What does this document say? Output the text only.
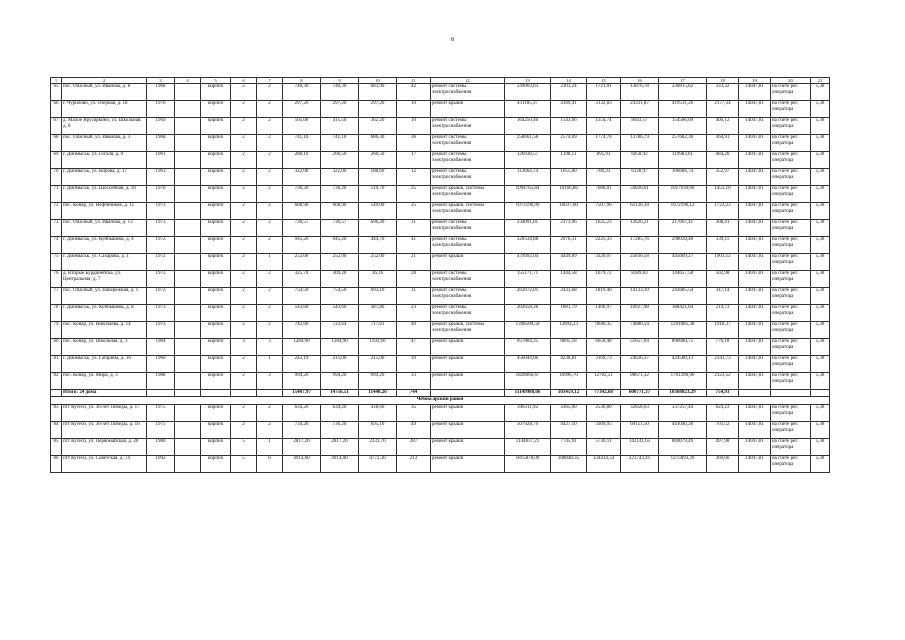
8
1	2	3	4	5	6	7	8	9	10	11	12	13	14	15	16	17	18	19	20	21
65	пос. Опасный, ул. Иванова, д. 8	1968		кирпич	2	2	746,30	746,30	683,90	42	ремонт системы электроснабжения	249003,63	2303,24	1721,01	13876,78	230815,62	333,32	14047,81	на счете рег. оператора	5,38
66	г. Чурилово, ул. Озерная, д. 18	1976		кирпич	2	2	297,20	297,20	297,20	10	ремонт крыши	431185,37	4189,41	3132,83	24331,87	419531,26	2177,34	14047,81	на счете рег. оператора	5,38
67	д. Малое Ярусяркино, ул. Школьная, д. 8	1969		кирпич	2	2	505,00	415,50	362,20	10	ремонт системы электроснабжения	164250,46	1543,66	1154,74	8943,57	154586,09	406,12	14047,81	на счете рег. оператора	5,38
68	пос. Опасный, ул. Иванова, д. 3	1968		кирпич	2	2	741,10	741,10	686,30	36	ремонт системы электроснабжения	258661,58	2574,09	1774,70	13786,79	257682,36	364,91	14047,81	на счете рег. оператора	5,38
69	г. Динмыськ, ул. Гоголя, д. 9	1961		кирпич	2	2	288,10	266,50	266,50	17	ремонт системы электроснабжения	126938,57	1198,11	895,93	6958,92	119983,61	484,20	14047,81	на счете рег. оператора	5,38
70	г. Динмыськ, ул. Кирова, д. 17	1963		кирпич	2	2	322,00	322,00	188,60	12	ремонт системы электроснабжения	113664,74	1055,80	789,23	6128,97	106686,74	352,97	14047,81	на счете рег. оператора	5,38
71	г. Динмыськ, ул. Шоссейная, д. 10	1970		кирпич	2	2	736,20	736,20	519,70	25	ремонт крыши, системы электроснабжения	1094765,84	10166,86	7606,01	59026,61	1017939,60	1453,10	14047,81	на счете рег. оператора	5,38
72	пос. Конар, ул. Нефтяников, д. 11	1973		кирпич	2	2	668,90	668,90	549,00	25	ремонт крыши, системы электроснабжения	1072196,99	10037,60	7507,96	62126,18	1072196,12	1722,23	14047,81	на счете рег. оператора	5,38
73	пос. Опасный, ул. Иванова, д. 13	1973		кирпич	2	2	736,57	736,57	696,20	31	ремонт системы электроснабжения	234091,81	2173,96	1625,23	12626,21	217667,41	308,41	14047,81	на счете рег. оператора	5,38
74	г. Динмыськ, ул. Куйбышева, д. 4	1972		кирпич	2	2	945,20	945,20	444,70	41	ремонт системы электроснабжения	320534,88	2976,31	2225,33	17285,76	298039,48	339,11	14047,81	на счете рег. оператора	5,38
75	г. Динмыськ, ул. Сахарова, д. 1	1972		кирпич	2	1	252,00	252,00	252,00	21	ремонт крыши	479992,04	4449,89	3326,07	25836,58	445609,27	1903,12	14047,81	на счете рег. оператора	5,38
76	д. Вторые Бурдинейска, ул. Центральная, д. 7	1972		кирпич	2	2	325,70	309,20	36,16	28	ремонт системы электроснабжения	155171,71	1444,58	1079,72	8389,83	144657,58	502,98	14047,81	на счете рег. оператора	5,38
77	пос. Опасный, ул. Набережная, д. 1	1972		кирпич	2	2	754,50	754,50	693,10	31	ремонт системы электроснабжения	262072,01	2433,68	1819,40	14133,39	243685,54	347,14	14047,81	на счете рег. оператора	5,38
78	г. Динмыськ, ул. Куйбышева, д. 8	1973		кирпич	2	2	543,60	543,60	387,86	23	ремонт системы электроснабжения	202658,28	1881,79	1406,97	10927,98	188421,64	214,73	14047,81	на счете рег. оператора	5,38
79	пос. Конар, ул. Николаева, д. 14	1973		кирпич	2	2	742,60	723,64	717,61	40	ремонт крыши, системы электроснабжения	1398500,50	12894,23	9640,35	74880,54	1291085,38	1918,37	14047,81	на счете рег. оператора	5,38
80	пос. Конар, ул. Школьная, д. 3	1984		кирпич	3	3	1284,90	1284,90	1192,60	47	ремонт крыши	957884,35	8895,18	6650,48	51657,94	890680,75	776,18	14047,81	на счете рег. оператора	5,38
81	г. Динмыськ, ул. Гагарина, д. 16	1960		кирпич	2	1	242,19	215,00	215,00	19	ремонт крыши	456044,06	4238,81	3169,73	24626,37	424580,13	2143,73	14047,81	на счете рег. оператора	5,38
82	пос. Конар, ул. Мира, д. 3	1988		кирпич	2	3	994,20	994,20	994,20	33	ремонт крыши	1828066,67	16996,70	12702,51	98671,32	1701390,96	2123,52	14047,81	на счете рег. оператора	5,38
	Итого: 24 дома						15407,97	14756,51	11440,26	744		11149988,06	103459,12	77342,68	600771,37	10368823,29	754,93			
Чебоксарский район																				
83	пгт Кугеси, ул. 30-лет Победы, д. 17	1975		кирпич	2	2	634,20	634,20	418,60	35	ремонт крыши	396311,92	3365,00	2536,80	32858,03	337257,44	624,23	14047,81	на счете рег. оператора	5,38
84	пгт Кугеси, ул. 30-лет Победы, д. 16	1975		кирпич	2	2	734,20	736,20	695,10	49	ремонт крыши	507928,79	4427,10	3309,95	69151,50	441040,26	703,52	14047,81	на счете рег. оператора	5,38
85	пгт Кугеси, ул. Первомайская, д. 20	1980		кирпич	5	1	2817,20	2817,20	2231,70	287	ремонт крыши	1144837,21	7745,91	5736,11	142141,65	869079,49	497,98	14047,81	на счете рег. оператора	5,38
86	пгт Кугеси, ул. Советская, д. 74	1992		кирпич	5	6	4914,00	4914,00	4772,30	213	ремонт крыши	1815878,09	188848,35	134434,54	221743,41	1275893,39	369,66	14047,81	на счете рег. оператора	5,38
